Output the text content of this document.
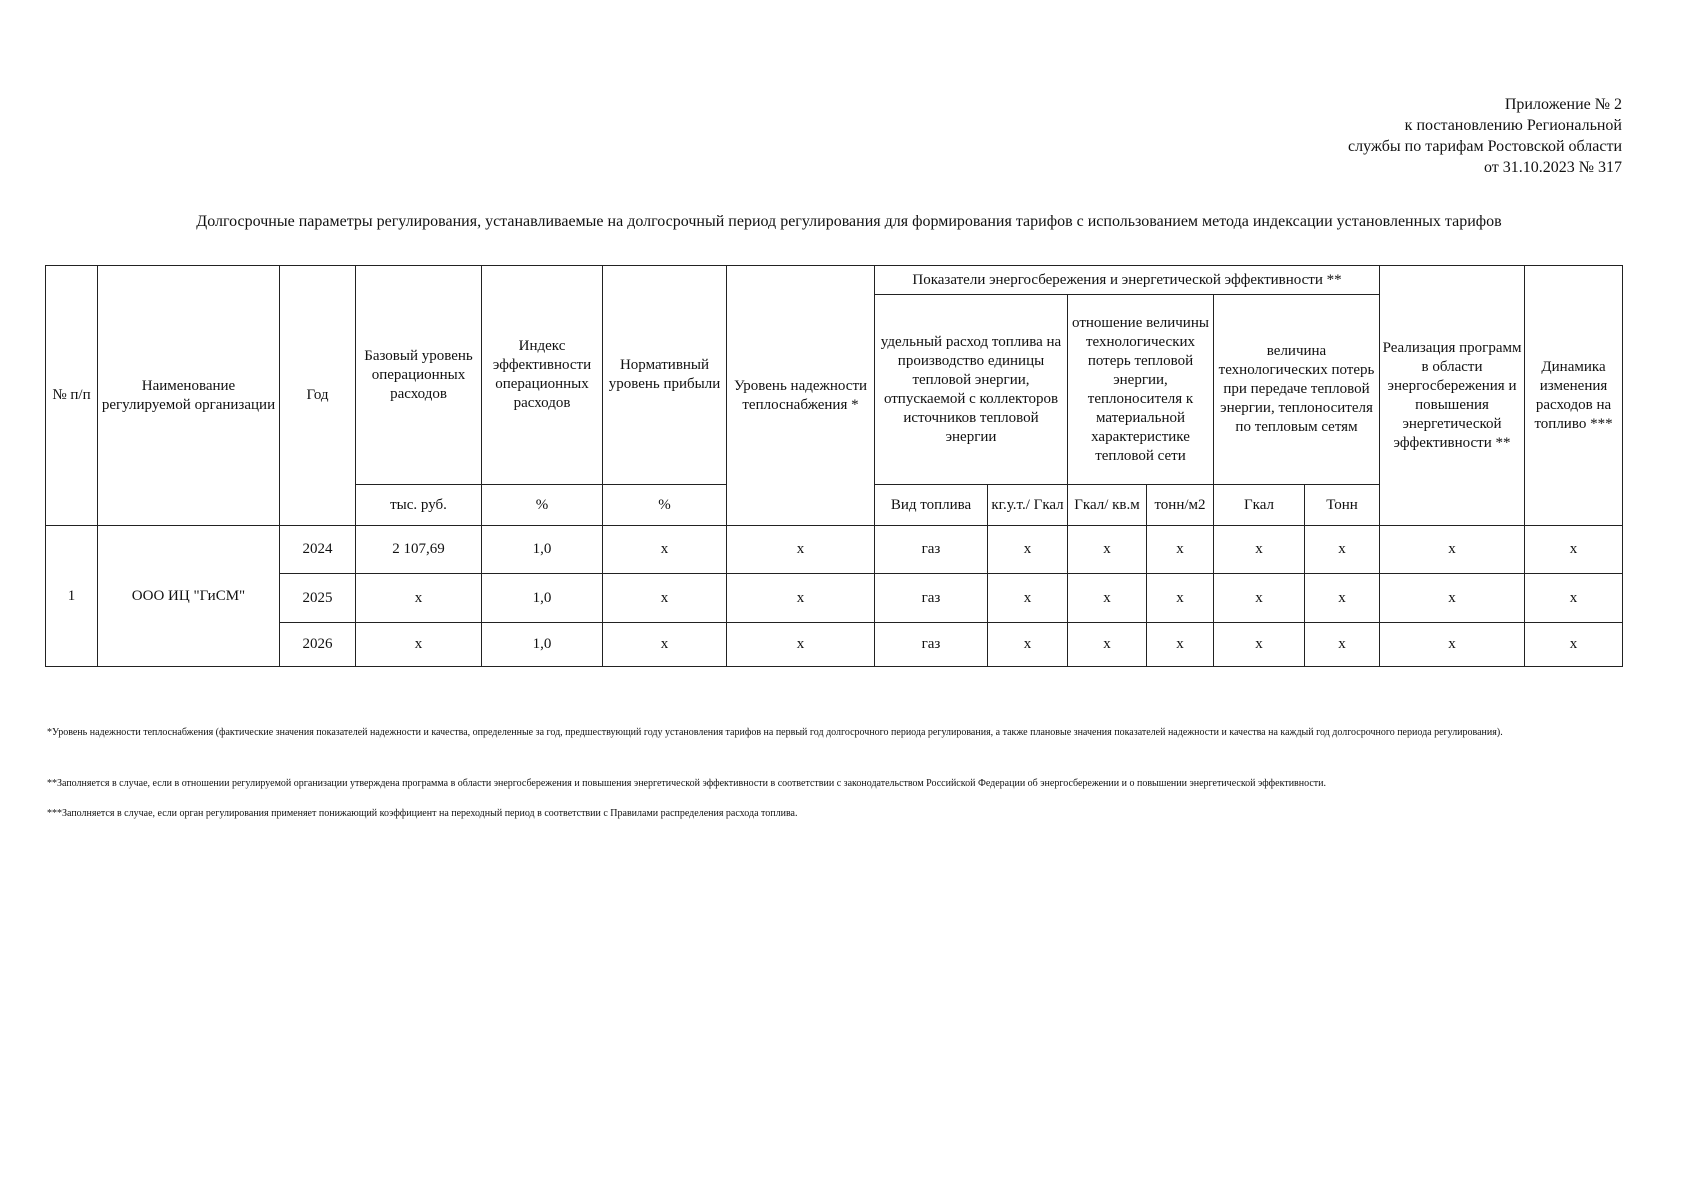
Приложение № 2
к постановлению Региональной
службы по тарифам Ростовской области
от 31.10.2023 № 317
Долгосрочные параметры регулирования, устанавливаемые на долгосрочный период регулирования для формирования тарифов с использованием метода индексации установленных тарифов
№ п/п	Наименование регулируемой организации	Год	Базовый уровень операционных расходов	Индекс эффективности операционных расходов	Нормативный уровень прибыли	Уровень надежности теплоснабжения *	Показатели энергосбережения и энергетической эффективности **						Реализация программ в области энергосбережения и повышения энергетической эффективности **	Динамика изменения расходов на топливо ***
							удельный расход топлива на производство единицы тепловой энергии, отпускаемой с коллекторов источников тепловой энергии		отношение величины технологических потерь тепловой энергии, теплоносителя к материальной характеристике тепловой сети		величина технологических потерь при передаче тепловой энергии, теплоносителя по тепловым сетям			
			тыс. руб.	%	%		Вид топлива	кг.у.т./ Гкал	Гкал/ кв.м	тонн/м2	Гкал	Тонн		
1	ООО ИЦ "ГиСМ"	2024	2 107,69	1,0	x	x	газ	x	x	x	x	x	x	x
		2025	x	1,0	x	x	газ	x	x	x	x	x	x	x
		2026	x	1,0	x	x	газ	x	x	x	x	x	x	x
*Уровень надежности теплоснабжения (фактические значения показателей надежности и качества, определенные за год, предшествующий году установления тарифов на первый год долгосрочного периода регулирования, а также плановые значения показателей надежности и качества на каждый год долгосрочного периода регулирования).
**Заполняется в случае, если в отношении регулируемой организации утверждена программа в области энергосбережения и повышения энергетической эффективности в соответствии с законодательством Российской Федерации об энергосбережении и о повышении энергетической эффективности.
***Заполняется в случае, если орган регулирования применяет понижающий коэффициент на переходный период в соответствии с Правилами распределения расхода топлива.
